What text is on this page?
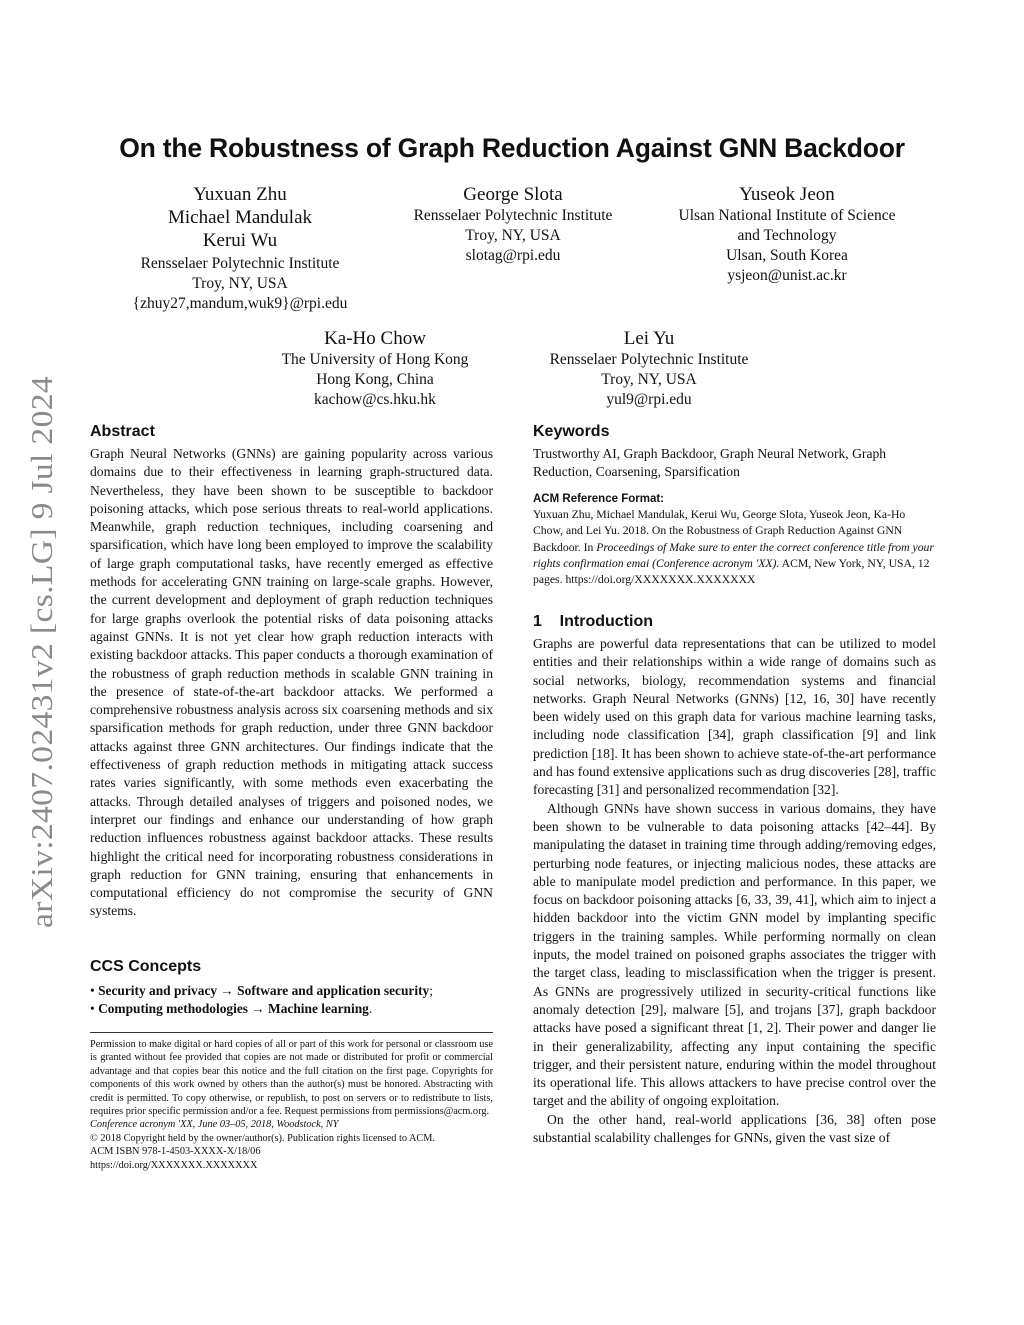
arXiv:2407.02431v2 [cs.LG] 9 Jul 2024
On the Robustness of Graph Reduction Against GNN Backdoor
Yuxuan Zhu
Michael Mandulak
Kerui Wu
Rensselaer Polytechnic Institute
Troy, NY, USA
{zhuy27,mandum,wuk9}@rpi.edu
George Slota
Rensselaer Polytechnic Institute
Troy, NY, USA
slotag@rpi.edu
Yuseok Jeon
Ulsan National Institute of Science
and Technology
Ulsan, South Korea
ysjeon@unist.ac.kr
Ka-Ho Chow
The University of Hong Kong
Hong Kong, China
kachow@cs.hku.hk
Lei Yu
Rensselaer Polytechnic Institute
Troy, NY, USA
yul9@rpi.edu
Abstract
Graph Neural Networks (GNNs) are gaining popularity across various domains due to their effectiveness in learning graph-structured data. Nevertheless, they have been shown to be susceptible to backdoor poisoning attacks, which pose serious threats to real-world applications. Meanwhile, graph reduction techniques, including coarsening and sparsification, which have long been employed to improve the scalability of large graph computational tasks, have recently emerged as effective methods for accelerating GNN training on large-scale graphs. However, the current development and deployment of graph reduction techniques for large graphs overlook the potential risks of data poisoning attacks against GNNs. It is not yet clear how graph reduction interacts with existing backdoor attacks. This paper conducts a thorough examination of the robustness of graph reduction methods in scalable GNN training in the presence of state-of-the-art backdoor attacks. We performed a comprehensive robustness analysis across six coarsening methods and six sparsification methods for graph reduction, under three GNN backdoor attacks against three GNN architectures. Our findings indicate that the effectiveness of graph reduction methods in mitigating attack success rates varies significantly, with some methods even exacerbating the attacks. Through detailed analyses of triggers and poisoned nodes, we interpret our findings and enhance our understanding of how graph reduction influences robustness against backdoor attacks. These results highlight the critical need for incorporating robustness considerations in graph reduction for GNN training, ensuring that enhancements in computational efficiency do not compromise the security of GNN systems.
CCS Concepts
• Security and privacy → Software and application security;
• Computing methodologies → Machine learning.
Permission to make digital or hard copies of all or part of this work for personal or classroom use is granted without fee provided that copies are not made or distributed for profit or commercial advantage and that copies bear this notice and the full citation on the first page. Copyrights for components of this work owned by others than the author(s) must be honored. Abstracting with credit is permitted. To copy otherwise, or republish, to post on servers or to redistribute to lists, requires prior specific permission and/or a fee. Request permissions from permissions@acm.org.
Conference acronym 'XX, June 03–05, 2018, Woodstock, NY
© 2018 Copyright held by the owner/author(s). Publication rights licensed to ACM.
ACM ISBN 978-1-4503-XXXX-X/18/06
https://doi.org/XXXXXXX.XXXXXXX
Keywords
Trustworthy AI, Graph Backdoor, Graph Neural Network, Graph Reduction, Coarsening, Sparsification
ACM Reference Format:
Yuxuan Zhu, Michael Mandulak, Kerui Wu, George Slota, Yuseok Jeon, Ka-Ho Chow, and Lei Yu. 2018. On the Robustness of Graph Reduction Against GNN Backdoor. In Proceedings of Make sure to enter the correct conference title from your rights confirmation emai (Conference acronym 'XX). ACM, New York, NY, USA, 12 pages. https://doi.org/XXXXXXX.XXXXXXX
1    Introduction

Graphs are powerful data representations that can be utilized to model entities and their relationships within a wide range of domains such as social networks, biology, recommendation systems and financial networks. Graph Neural Networks (GNNs) [12, 16, 30] have recently been widely used on this graph data for various machine learning tasks, including node classification [34], graph classification [9] and link prediction [18]. It has been shown to achieve state-of-the-art performance and has found extensive applications such as drug discoveries [28], traffic forecasting [31] and personalized recommendation [32].

Although GNNs have shown success in various domains, they have been shown to be vulnerable to data poisoning attacks [42–44]. By manipulating the dataset in training time through adding/removing edges, perturbing node features, or injecting malicious nodes, these attacks are able to manipulate model prediction and performance. In this paper, we focus on backdoor poisoning attacks [6, 33, 39, 41], which aim to inject a hidden backdoor into the victim GNN model by implanting specific triggers in the training samples. While performing normally on clean inputs, the model trained on poisoned graphs associates the trigger with the target class, leading to misclassification when the trigger is present. As GNNs are progressively utilized in security-critical functions like anomaly detection [29], malware [5], and trojans [37], graph backdoor attacks have posed a significant threat [1, 2]. Their power and danger lie in their generalizability, affecting any input containing the specific trigger, and their persistent nature, enduring within the model throughout its operational life. This allows attackers to have precise control over the target and the ability of ongoing exploitation.

On the other hand, real-world applications [36, 38] often pose substantial scalability challenges for GNNs, given the vast size of
